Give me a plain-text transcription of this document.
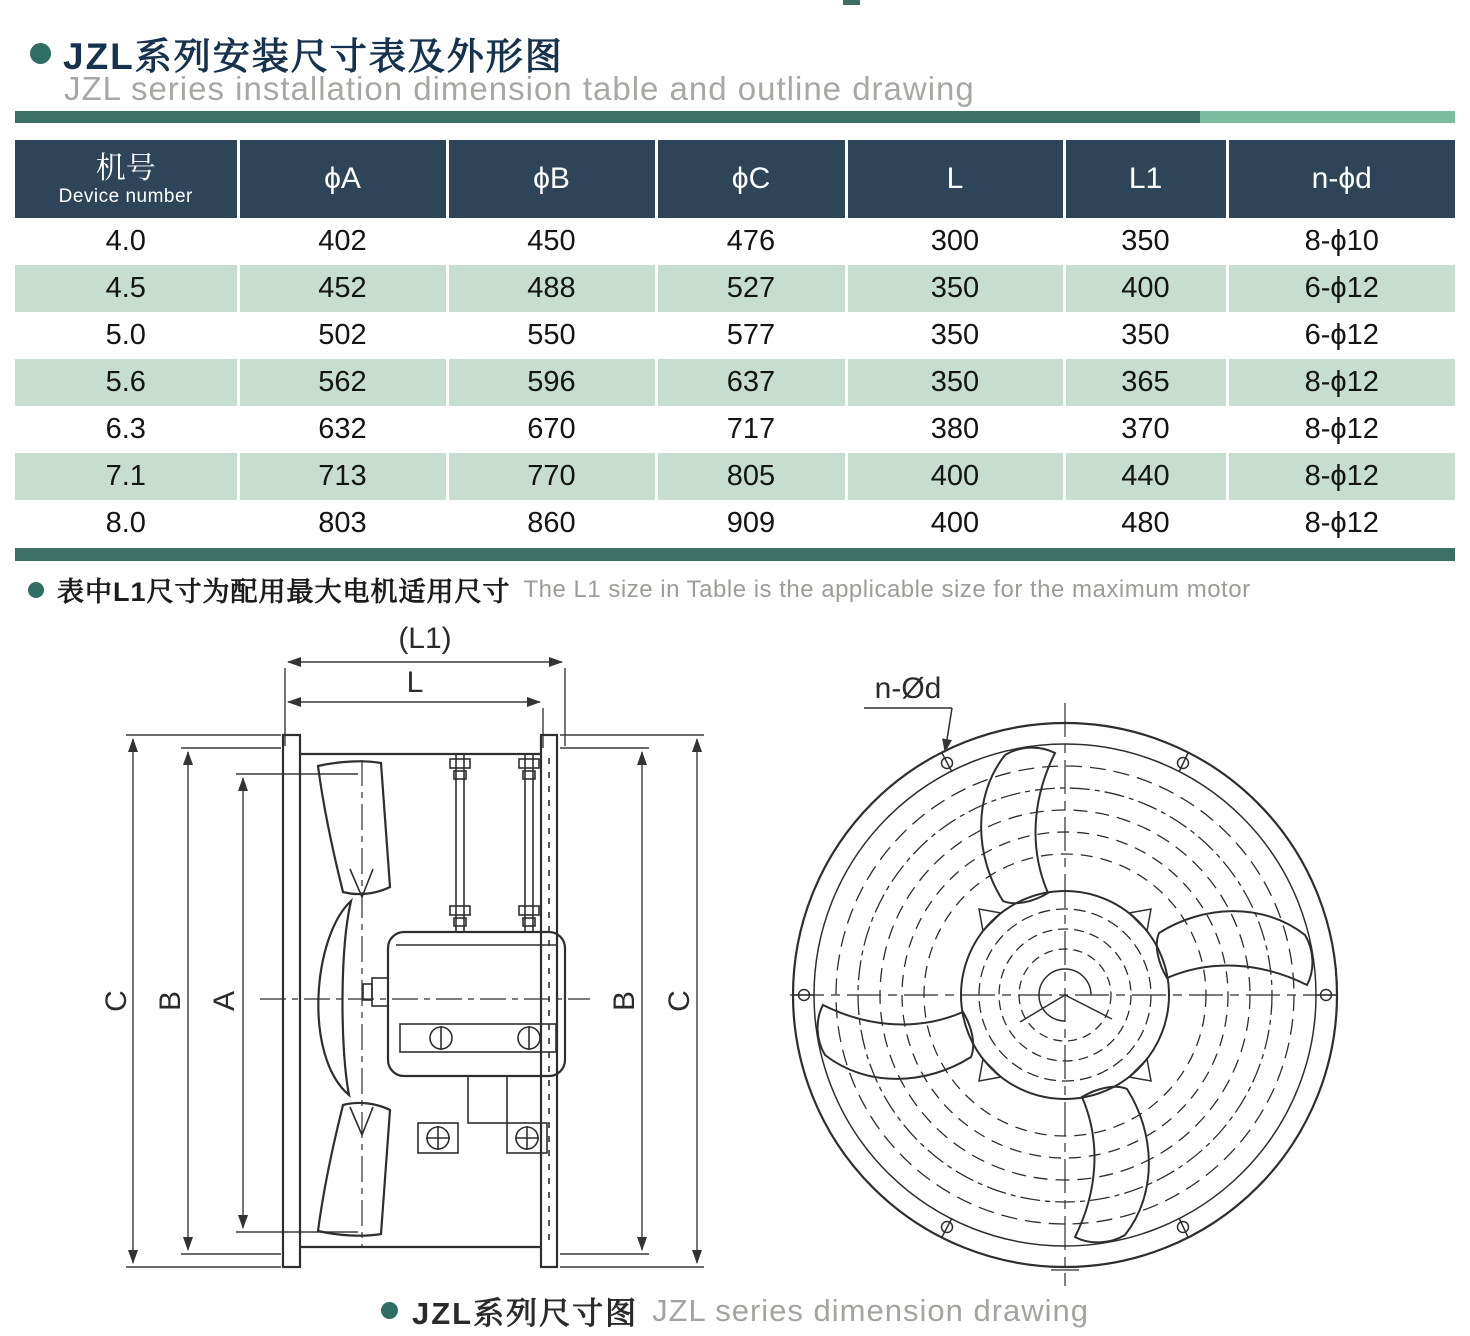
JZL系列安装尺寸表及外形图
JZL series installation dimension table and outline drawing
机号
Device number	ϕA	ϕB	ϕC	L	L1	n-ϕd

4.0	402	450	476	300	350	8-ϕ10
4.5	452	488	527	350	400	6-ϕ12
5.0	502	550	577	350	350	6-ϕ12
5.6	562	596	637	350	365	8-ϕ12
6.3	632	670	717	380	370	8-ϕ12
7.1	713	770	805	400	440	8-ϕ12
8.0	803	860	909	400	480	8-ϕ12
表中L1尺寸为配用最大电机适用尺寸 The L1 size in Table is the applicable size for the maximum motor
(L1)
L
C B A	B C
n-Ød
JZL系列尺寸图 JZL series dimension drawing
